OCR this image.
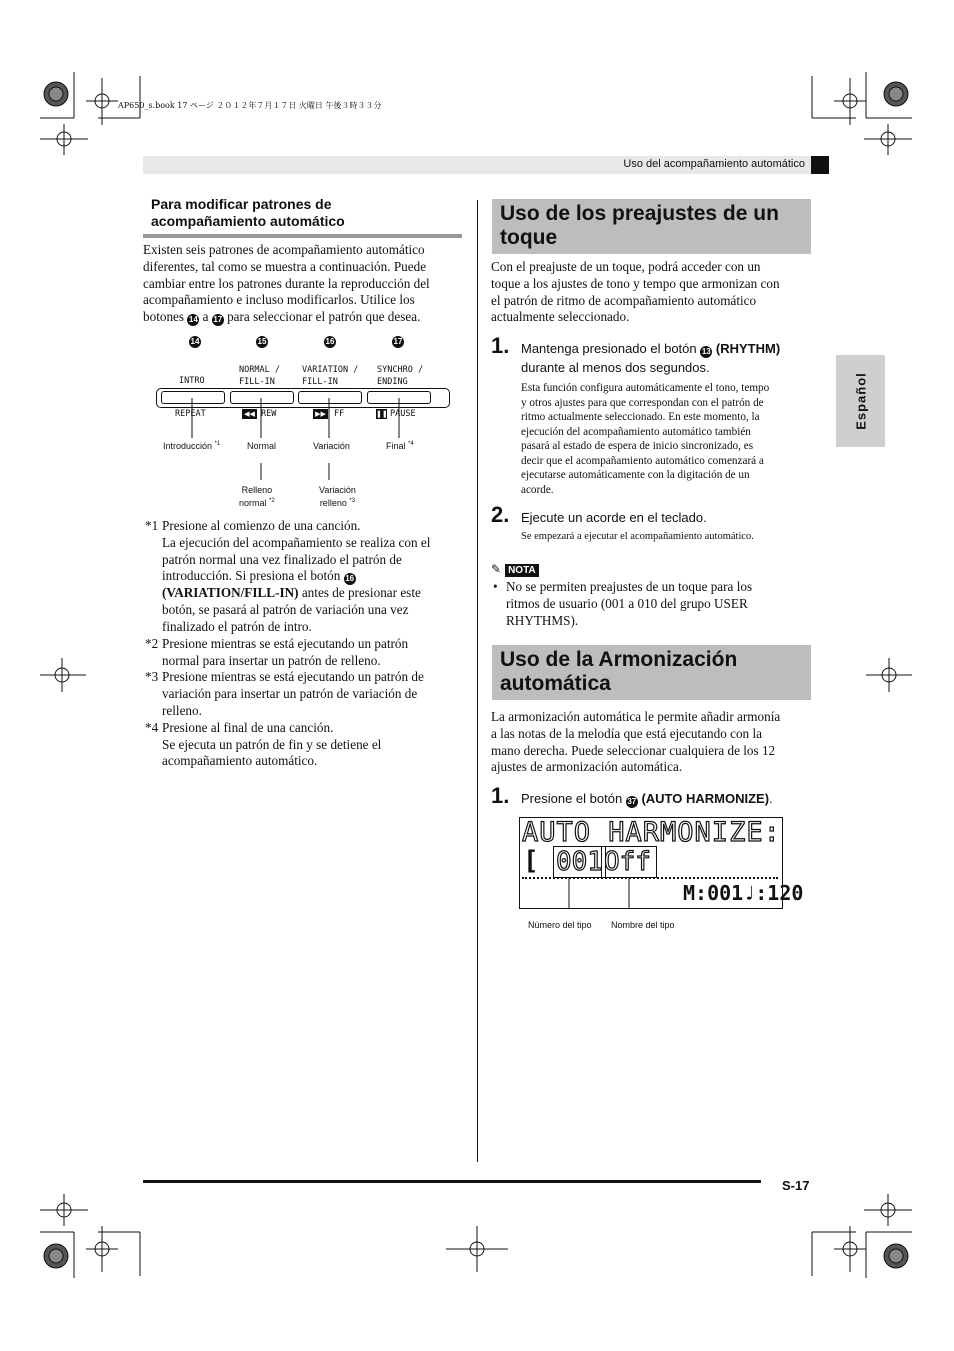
AP650_s.book 17 ページ ２０１２年７月１７日 火曜日 午後３時３３分
Uso del acompañamiento automático
Español
Para modificar patrones de
acompañamiento automático
Existen seis patrones de acompañamiento automático
diferentes, tal como se muestra a continuación. Puede
cambiar entre los patrones durante la reproducción del
acompañamiento e incluso modificarlos. Utilice los
botones 14 a 17 para seleccionar el patrón que desea.
14	15	16	17
INTRO
NORMAL /
FILL-IN
VARIATION /
FILL-IN
SYNCHRO /
ENDING
REPEAT	◀◀ REW	▶▶ FF	❚❚ PAUSE
Introducción $^{*1}$	Normal	Variación	Final $^{*4}$
Relleno
normal $^{*2}$
Variación
relleno $^{*3}$
*1 Presione al comienzo de una canción.
La ejecución del acompañamiento se realiza con el
patrón normal una vez finalizado el patrón de
introducción. Si presiona el botón 16
(VARIATION/FILL-IN) antes de presionar este
botón, se pasará al patrón de variación una vez
finalizado el patrón de intro.
*2 Presione mientras se está ejecutando un patrón
normal para insertar un patrón de relleno.
*3 Presione mientras se está ejecutando un patrón de
variación para insertar un patrón de variación de
relleno.
*4 Presione al final de una canción.
Se ejecuta un patrón de fin y se detiene el
acompañamiento automático.
Uso de los preajustes de un
toque
Con el preajuste de un toque, podrá acceder con un
toque a los ajustes de tono y tempo que armonizan con
el patrón de ritmo de acompañamiento automático
actualmente seleccionado.
1. Mantenga presionado el botón 13 (RHYTHM)
durante al menos dos segundos.
Esta función configura automáticamente el tono, tempo
y otros ajustes para que correspondan con el patrón de
ritmo actualmente seleccionado. En este momento, la
ejecución del acompañamiento automático también
pasará al estado de espera de inicio sincronizado, es
decir que el acompañamiento automático comenzará a
ejecutarse automáticamente con la digitación de un
acorde.
2. Ejecute un acorde en el teclado.
Se empezará a ejecutar el acompañamiento automático.
✎ NOTA
• No se permiten preajustes de un toque para los
ritmos de usuario (001 a 010 del grupo USER
RHYTHMS).
Uso de la Armonización
automática
La armonización automática le permite añadir armonía
a las notas de la melodía que está ejecutando con la
mano derecha. Puede seleccionar cualquiera de los 12
ajustes de armonización automática.
1. Presione el botón 37 (AUTO HARMONIZE).
AUTO HARMONIZE:
[ 001 Off
M:001♩:120
Número del tipo Nombre del tipo
S-17
